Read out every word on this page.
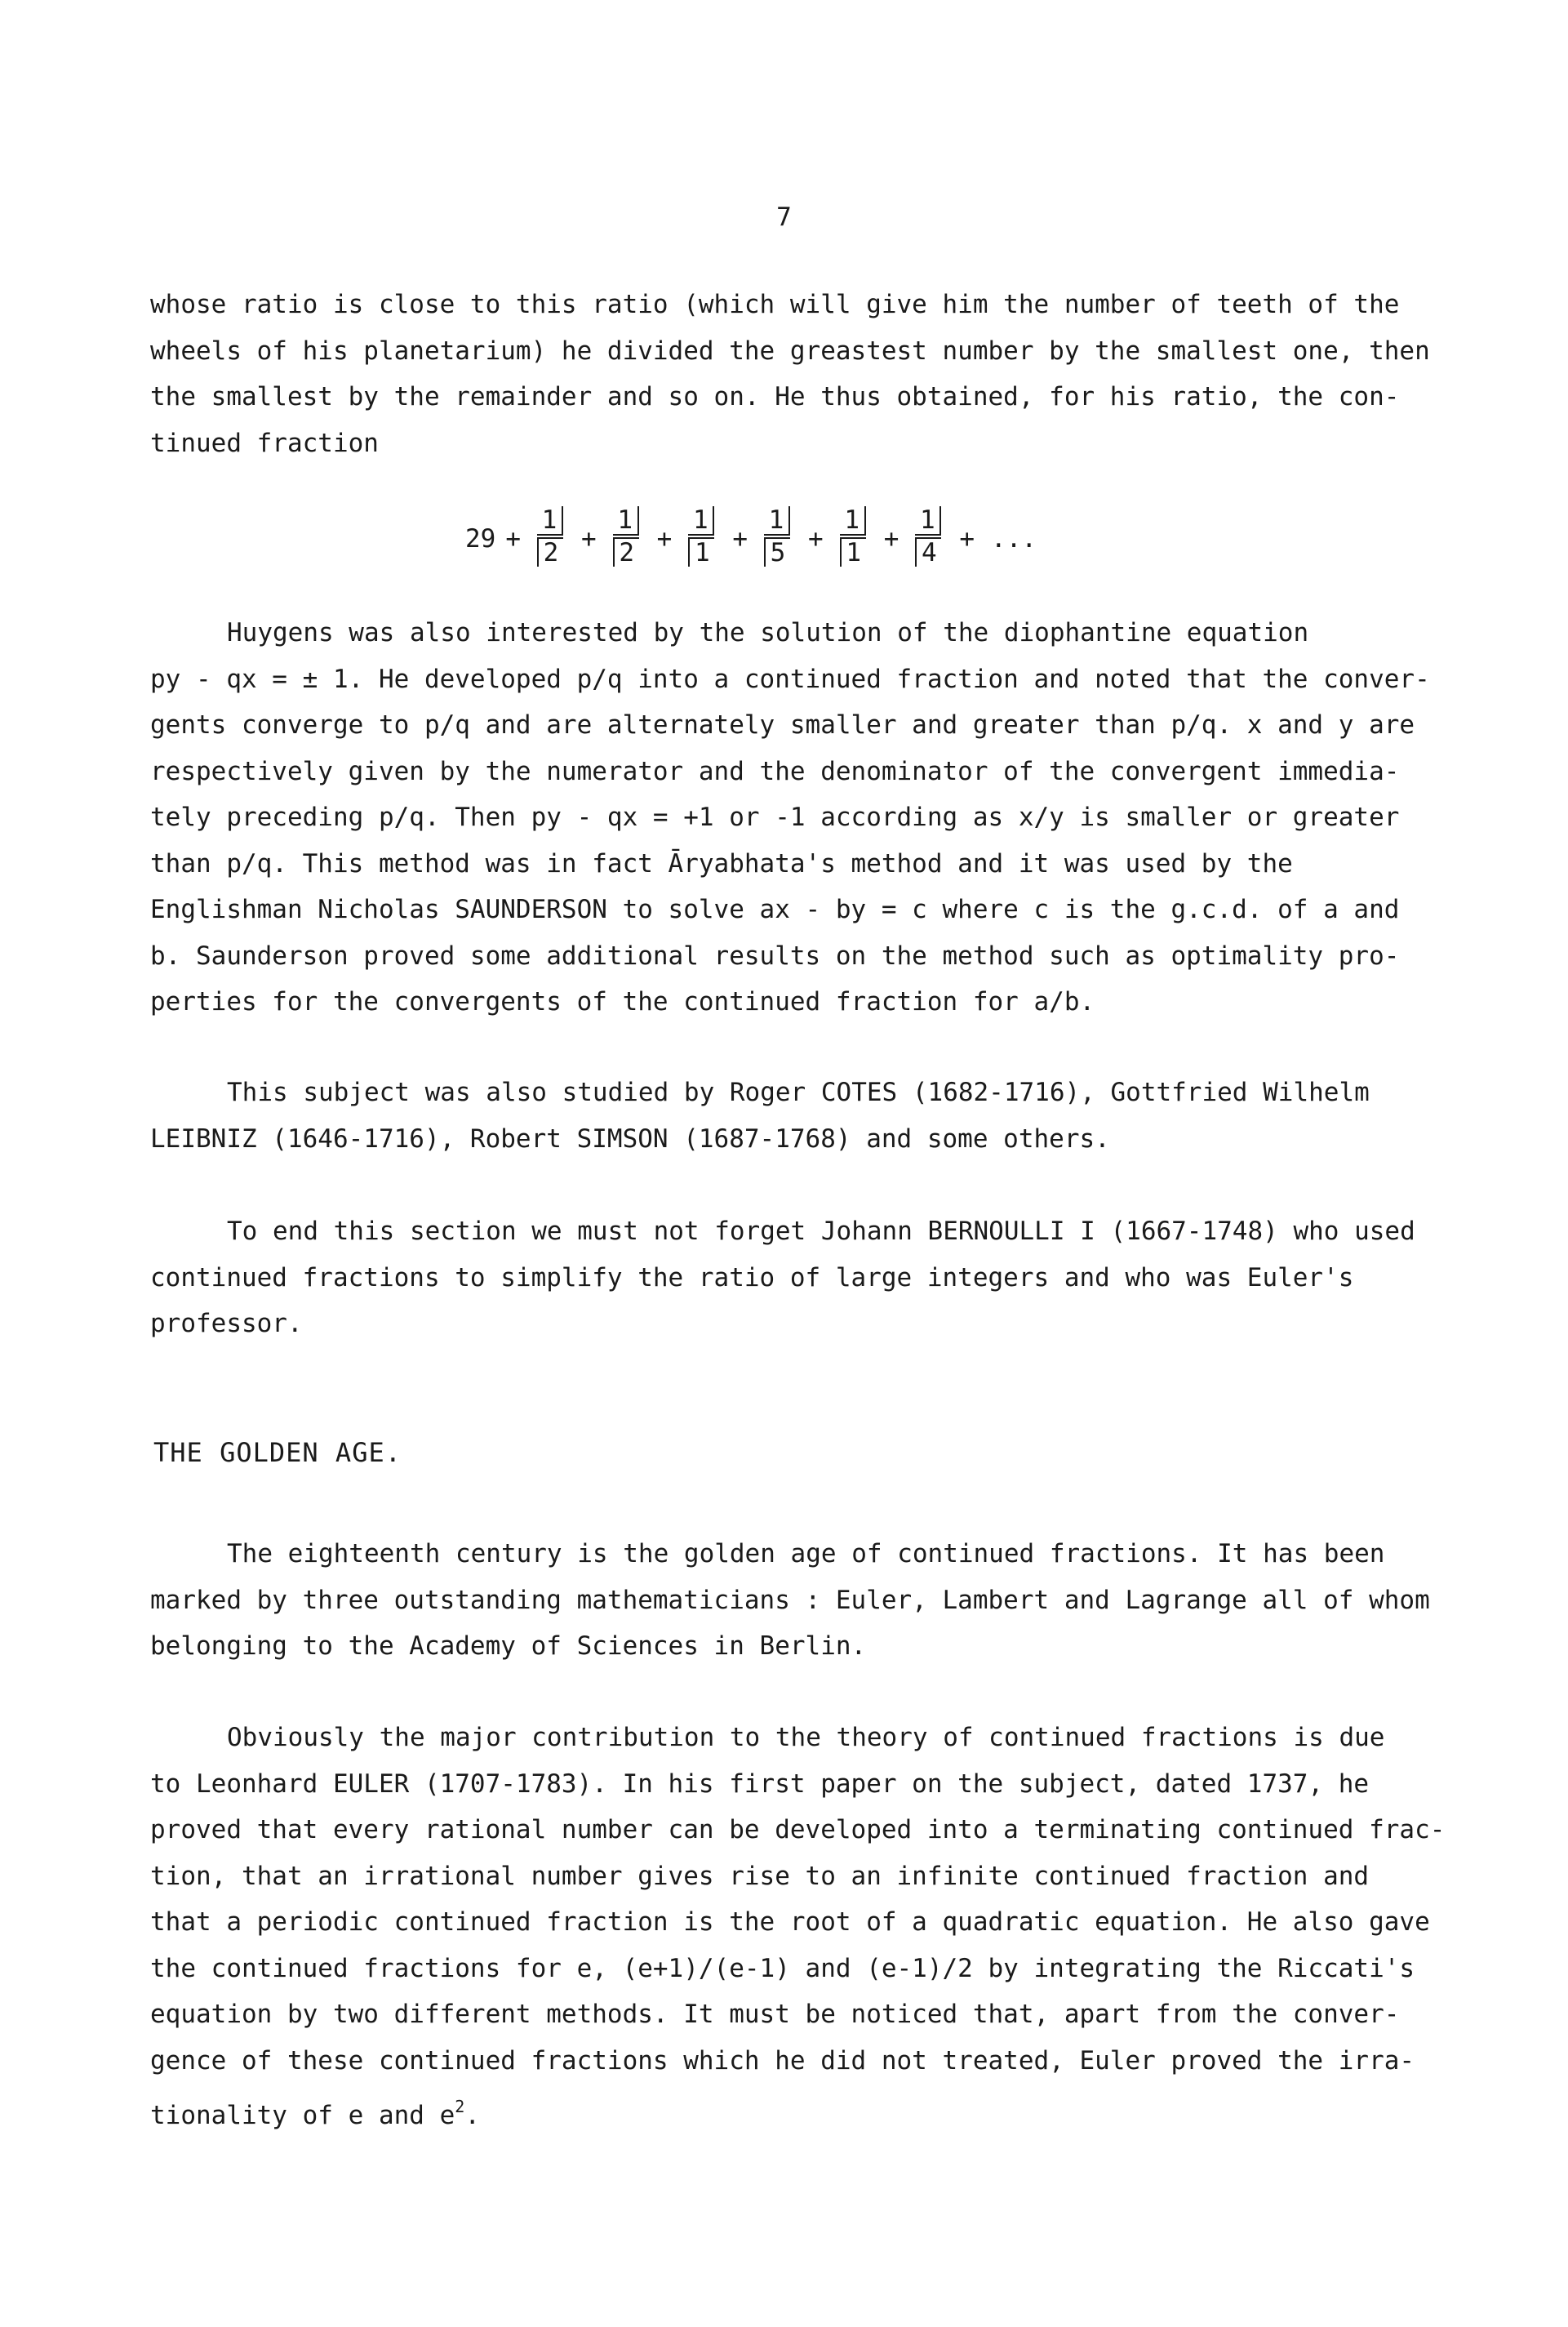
7
whose ratio is close to this ratio (which will give him the number of teeth of the
wheels of his planetarium) he divided the greastest number by the smallest one, then
the smallest by the remainder and so on. He thus obtained, for his ratio, the con-
tinued fraction
$29 + \frac{1}{2} + \frac{1}{2} + \frac{1}{1} + \frac{1}{5} + \frac{1}{1} + \frac{1}{4}$ + ...
Huygens was also interested by the solution of the diophantine equation
py - qx = ± 1. He developed p/q into a continued fraction and noted that the conver-
gents converge to p/q and are alternately smaller and greater than p/q. x and y are
respectively given by the numerator and the denominator of the convergent immedia-
tely preceding p/q. Then py - qx = +1 or -1 according as x/y is smaller or greater
than p/q. This method was in fact Āryabhata's method and it was used by the
Englishman Nicholas SAUNDERSON to solve ax - by = c where c is the g.c.d. of a and
b. Saunderson proved some additional results on the method such as optimality pro-
perties for the convergents of the continued fraction for a/b.
This subject was also studied by Roger COTES (1682-1716), Gottfried Wilhelm
LEIBNIZ (1646-1716), Robert SIMSON (1687-1768) and some others.
To end this section we must not forget Johann BERNOULLI I (1667-1748) who used
continued fractions to simplify the ratio of large integers and who was Euler's
professor.
THE GOLDEN AGE.
The eighteenth century is the golden age of continued fractions. It has been
marked by three outstanding mathematicians : Euler, Lambert and Lagrange all of whom
belonging to the Academy of Sciences in Berlin.
Obviously the major contribution to the theory of continued fractions is due
to Leonhard EULER (1707-1783). In his first paper on the subject, dated 1737, he
proved that every rational number can be developed into a terminating continued frac-
tion, that an irrational number gives rise to an infinite continued fraction and
that a periodic continued fraction is the root of a quadratic equation. He also gave
the continued fractions for e, (e+1)/(e-1) and (e-1)/2 by integrating the Riccati's
equation by two different methods. It must be noticed that, apart from the conver-
gence of these continued fractions which he did not treated, Euler proved the irra-
tionality of e and $e^2$.
